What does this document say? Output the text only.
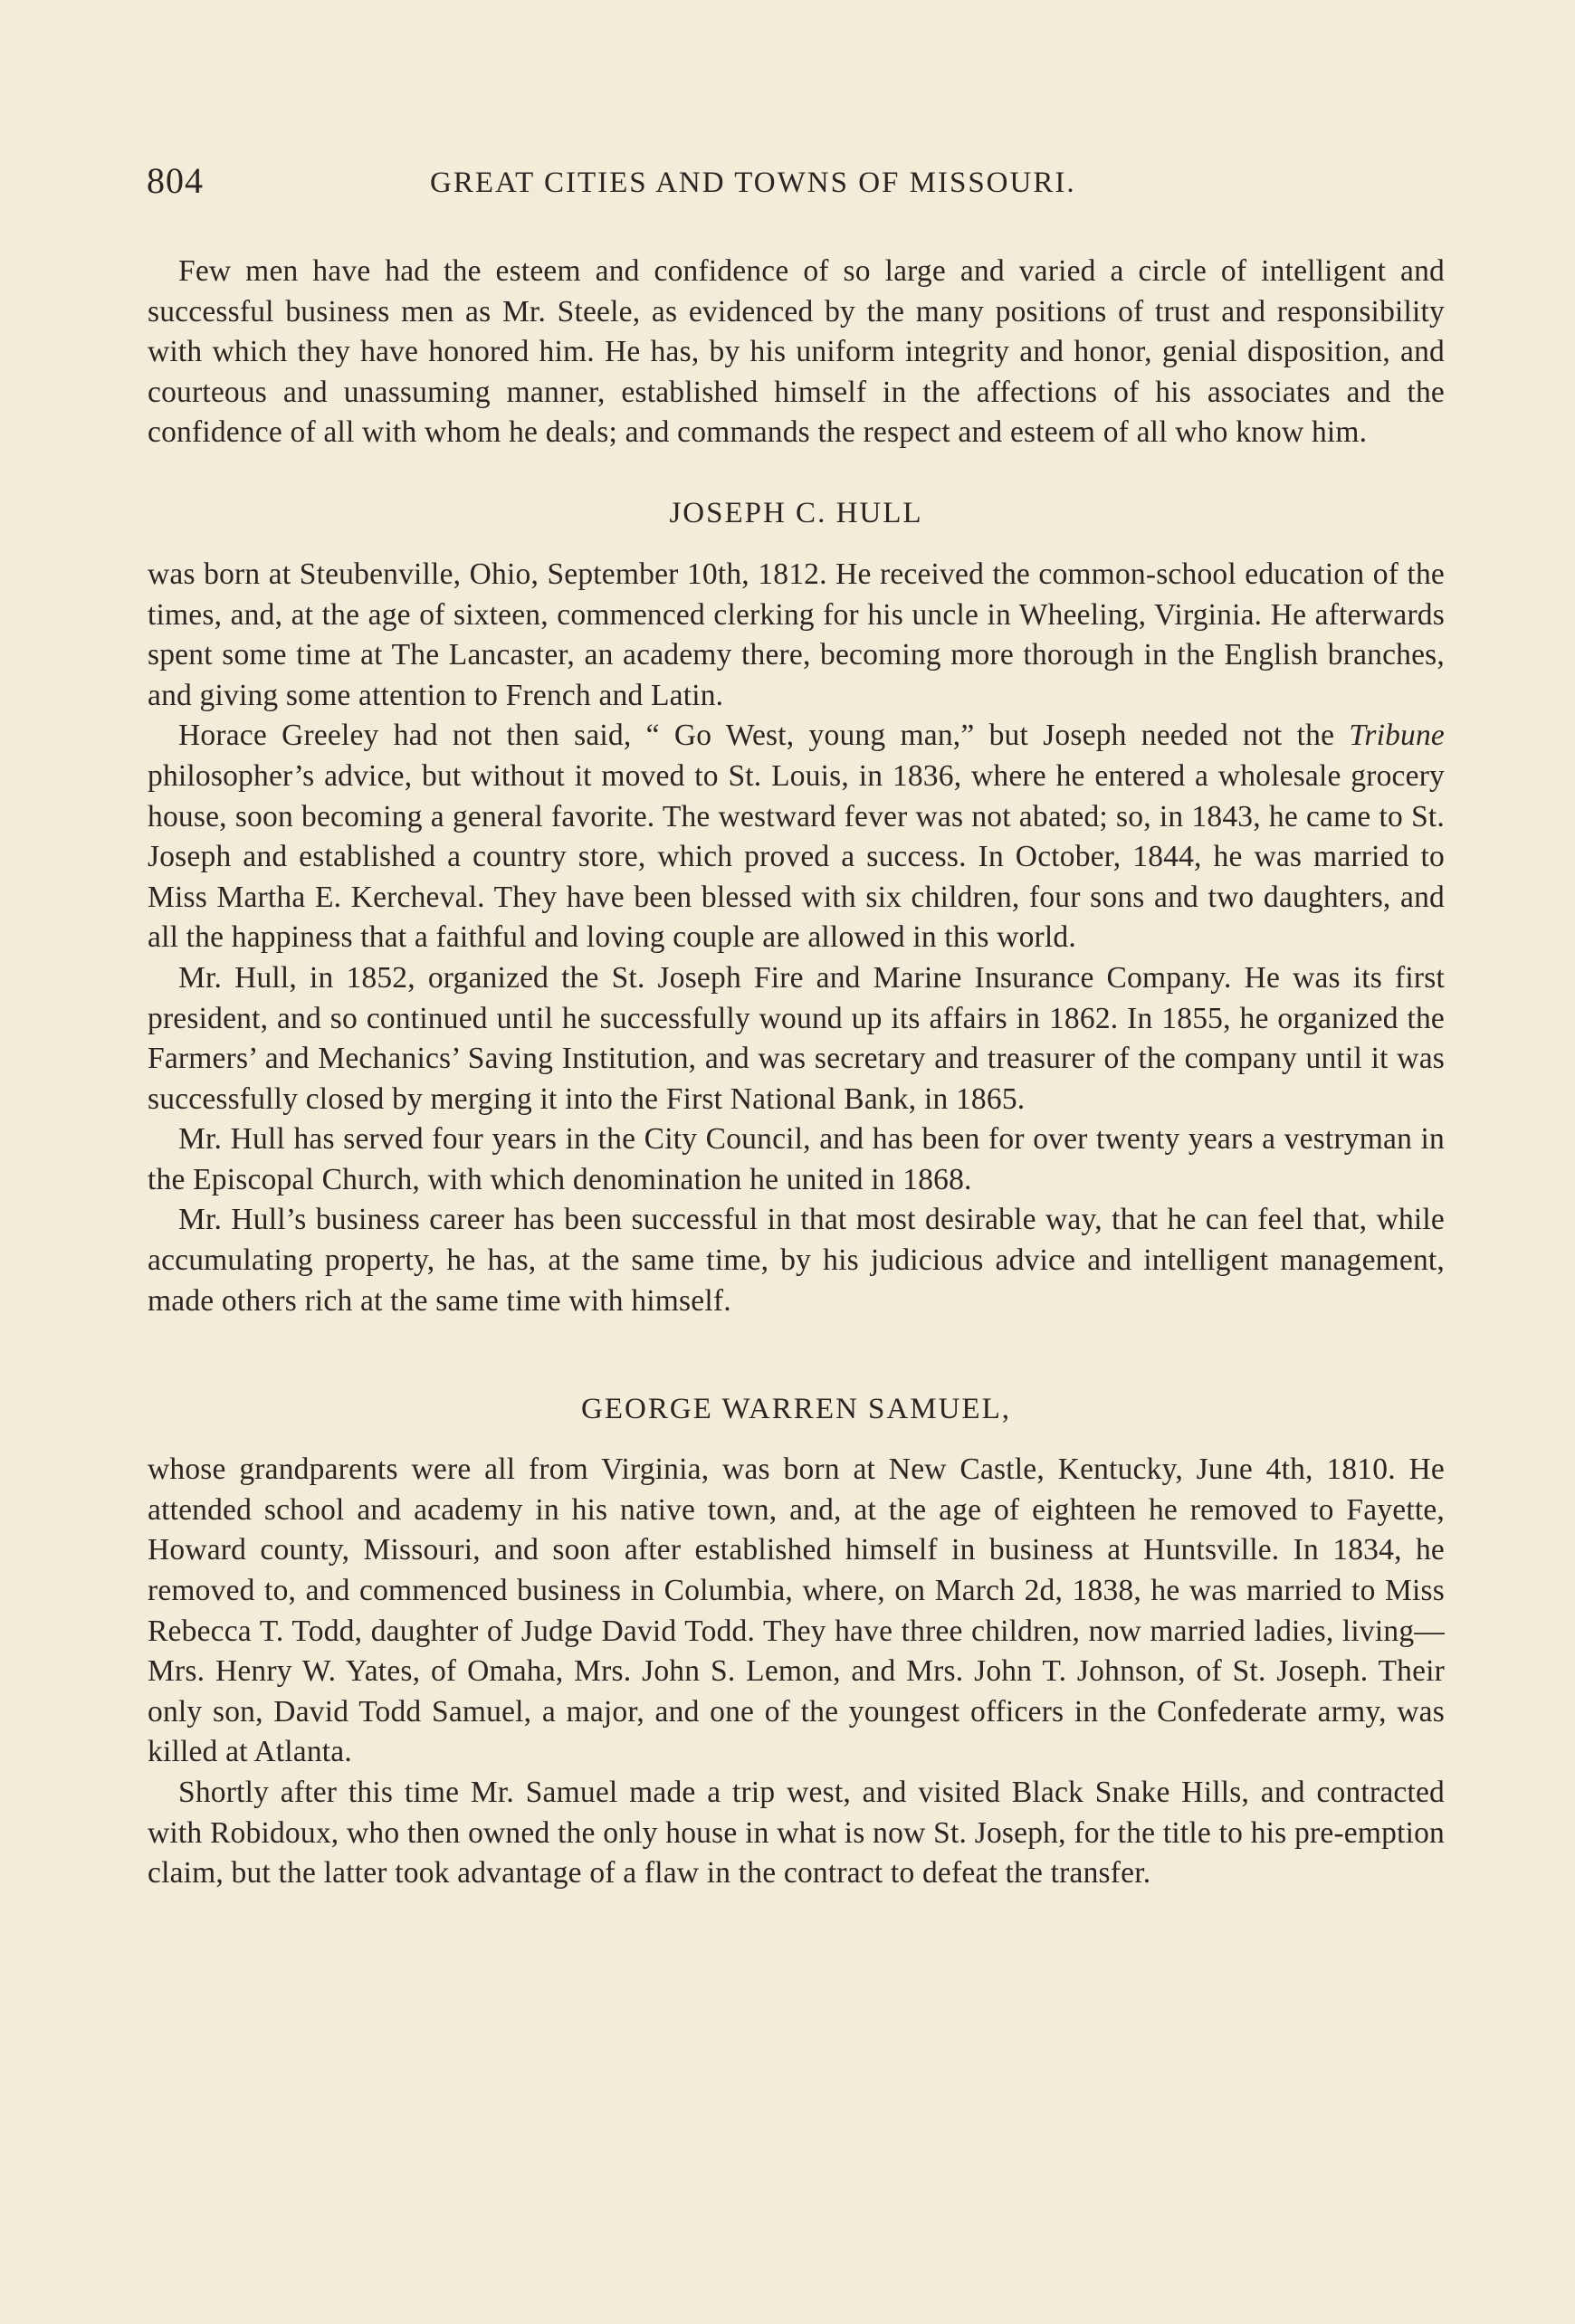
804	GREAT CITIES AND TOWNS OF MISSOURI.

Few men have had the esteem and confidence of so large and varied a circle of intelligent and successful business men as Mr. Steele, as evidenced by the many positions of trust and responsibility with which they have honored him. He has, by his uniform integrity and honor, genial disposition, and courteous and unassuming manner, established himself in the affections of his associates and the confidence of all with whom he deals; and commands the respect and esteem of all who know him.

JOSEPH C. HULL

was born at Steubenville, Ohio, September 10th, 1812. He received the common-school education of the times, and, at the age of sixteen, commenced clerking for his uncle in Wheeling, Virginia. He afterwards spent some time at The Lancaster, an academy there, becoming more thorough in the English branches, and giving some attention to French and Latin.

Horace Greeley had not then said, “ Go West, young man,” but Joseph needed not the Tribune philosopher’s advice, but without it moved to St. Louis, in 1836, where he entered a wholesale grocery house, soon becoming a general favorite. The westward fever was not abated; so, in 1843, he came to St. Joseph and established a country store, which proved a success. In October, 1844, he was married to Miss Martha E. Kercheval. They have been blessed with six children, four sons and two daughters, and all the happiness that a faithful and loving couple are allowed in this world.

Mr. Hull, in 1852, organized the St. Joseph Fire and Marine Insurance Company. He was its first president, and so continued until he successfully wound up its affairs in 1862. In 1855, he organized the Farmers’ and Mechanics’ Saving Institution, and was secretary and treasurer of the company until it was successfully closed by merging it into the First National Bank, in 1865.

Mr. Hull has served four years in the City Council, and has been for over twenty years a vestryman in the Episcopal Church, with which denomination he united in 1868.

Mr. Hull’s business career has been successful in that most desirable way, that he can feel that, while accumulating property, he has, at the same time, by his judicious advice and intelligent management, made others rich at the same time with himself.

GEORGE WARREN SAMUEL,

whose grandparents were all from Virginia, was born at New Castle, Kentucky, June 4th, 1810. He attended school and academy in his native town, and, at the age of eighteen he removed to Fayette, Howard county, Missouri, and soon after established himself in business at Huntsville. In 1834, he removed to, and commenced business in Columbia, where, on March 2d, 1838, he was married to Miss Rebecca T. Todd, daughter of Judge David Todd. They have three children, now married ladies, living—Mrs. Henry W. Yates, of Omaha, Mrs. John S. Lemon, and Mrs. John T. Johnson, of St. Joseph. Their only son, David Todd Samuel, a major, and one of the youngest officers in the Confederate army, was killed at Atlanta.

Shortly after this time Mr. Samuel made a trip west, and visited Black Snake Hills, and contracted with Robidoux, who then owned the only house in what is now St. Joseph, for the title to his pre-emption claim, but the latter took advantage of a flaw in the contract to defeat the transfer.
